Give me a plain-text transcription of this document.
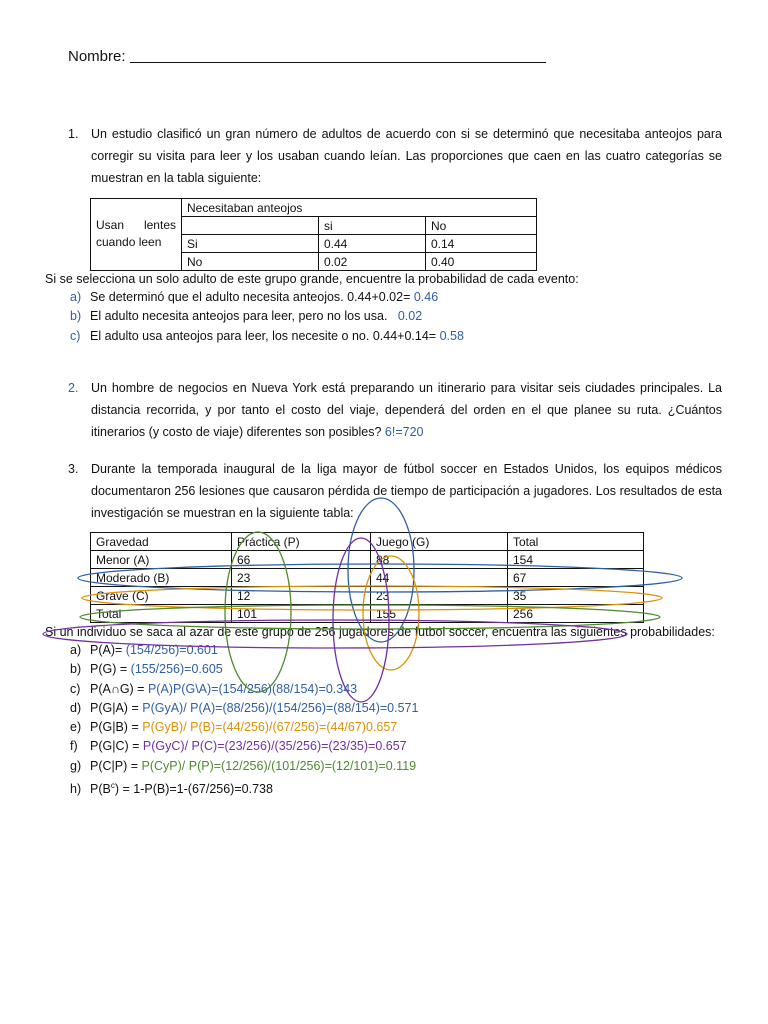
Nombre:
1.	Un estudio clasificó un gran número de adultos de acuerdo con si se determinó que necesitaba anteojos para corregir su visita para leer y los usaban cuando leían. Las proporciones que caen en las cuatro categorías se muestran en la tabla siguiente:
	Necesitaban anteojos		

Usan lentes
cuando leen		si	No
	Si	0.44	0.14
	No	0.02	0.40
Si se selecciona un solo adulto de este grupo grande, encuentre la probabilidad de cada evento:
a) Se determinó que el adulto necesita anteojos. 0.44+0.02= 0.46
b) El adulto necesita anteojos para leer, pero no los usa. 0.02
c) El adulto usa anteojos para leer, los necesite o no. 0.44+0.14= 0.58
2.	Un hombre de negocios en Nueva York está preparando un itinerario para visitar seis ciudades principales. La distancia recorrida, y por tanto el costo del viaje, dependerá del orden en el que planee su ruta. ¿Cuántos itinerarios (y costo de viaje) diferentes son posibles? 6!=720
3.	Durante la temporada inaugural de la liga mayor de fútbol soccer en Estados Unidos, los equipos médicos documentaron 256 lesiones que causaron pérdida de tiempo de participación a jugadores. Los resultados de esta investigación se muestran en la siguiente tabla:
Gravedad	Práctica (P)	Juego (G)	Total
Menor (A)	66	88	154
Moderado (B)	23	44	67
Grave (C)	12	23	35
Total	101	155	256
Si un individuo se saca al azar de este grupo de 256 jugadores de futbol soccer, encuentra las siguientes probabilidades:
a) P(A)= (154/256)=0.601
b) P(G) = (155/256)=0.605
c) P(A∩G) = P(A)P(G\A)=(154/256)(88/154)=0.343
d) P(G|A) = P(GyA)/ P(A)=(88/256)/(154/256)=(88/154)=0.571
e) P(G|B) = P(GyB)/ P(B)=(44/256)/(67/256)=(44/67)0.657
f) P(G|C) = P(GyC)/ P(C)=(23/256)/(35/256)=(23/35)=0.657
g) P(C|P) = P(CyP)/ P(P)=(12/256)/(101/256)=(12/101)=0.119
h) $P(B^c) = 1-P(B)=1-(67/256)=0.738$
